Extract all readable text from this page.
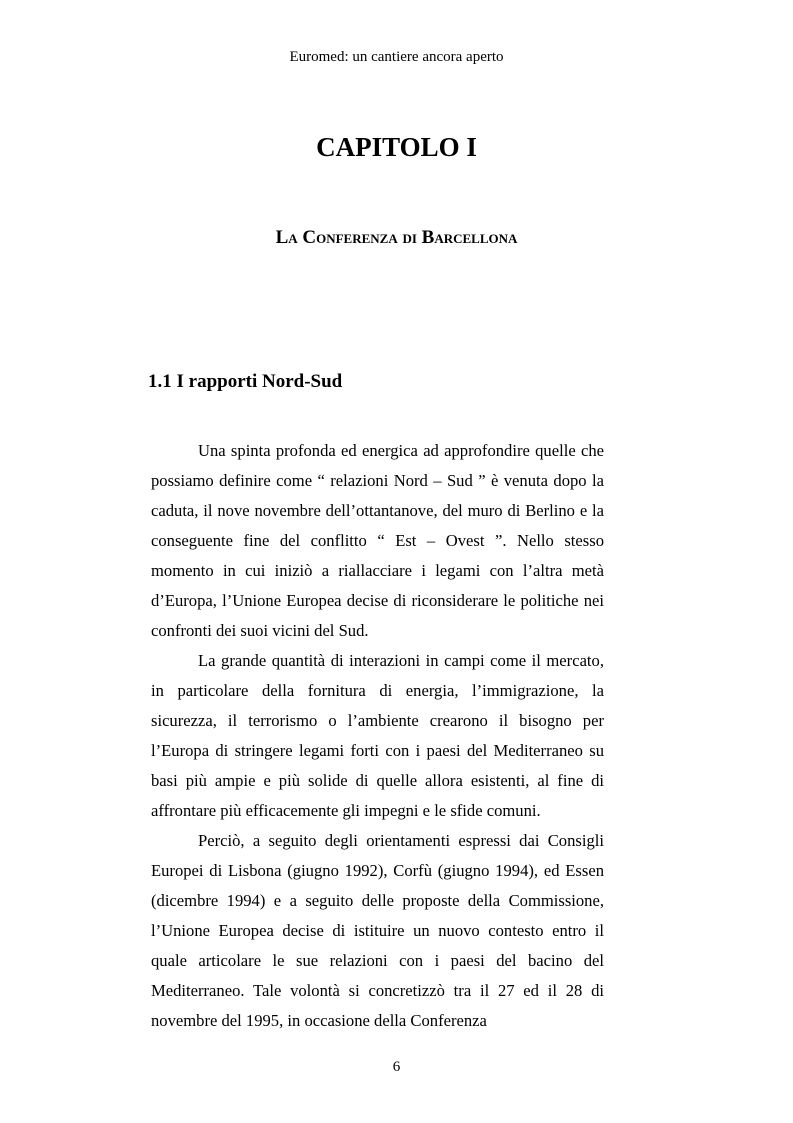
Euromed: un cantiere ancora aperto
CAPITOLO I
La Conferenza di Barcellona
1.1 I rapporti Nord-Sud

Una spinta profonda ed energica ad approfondire quelle che possiamo definire come “ relazioni Nord – Sud ” è venuta dopo la caduta, il nove novembre dell’ottantanove, del muro di Berlino e la conseguente fine del conflitto “ Est – Ovest ”. Nello stesso momento in cui iniziò a riallacciare i legami con l’altra metà d’Europa, l’Unione Europea decise di riconsiderare le politiche nei confronti dei suoi vicini del Sud.

La grande quantità di interazioni in campi come il mercato, in particolare della fornitura di energia, l’immigrazione, la sicurezza, il terrorismo o l’ambiente crearono il bisogno per l’Europa di stringere legami forti con i paesi del Mediterraneo su basi più ampie e più solide di quelle allora esistenti, al fine di affrontare più efficacemente gli impegni e le sfide comuni.

Perciò, a seguito degli orientamenti espressi dai Consigli Europei di Lisbona (giugno 1992), Corfù (giugno 1994), ed Essen (dicembre 1994) e a seguito delle proposte della Commissione, l’Unione Europea decise di istituire un nuovo contesto entro il quale articolare le sue relazioni con i paesi del bacino del Mediterraneo. Tale volontà si concretizzò tra il 27 ed il 28 di novembre del 1995, in occasione della Conferenza

6
